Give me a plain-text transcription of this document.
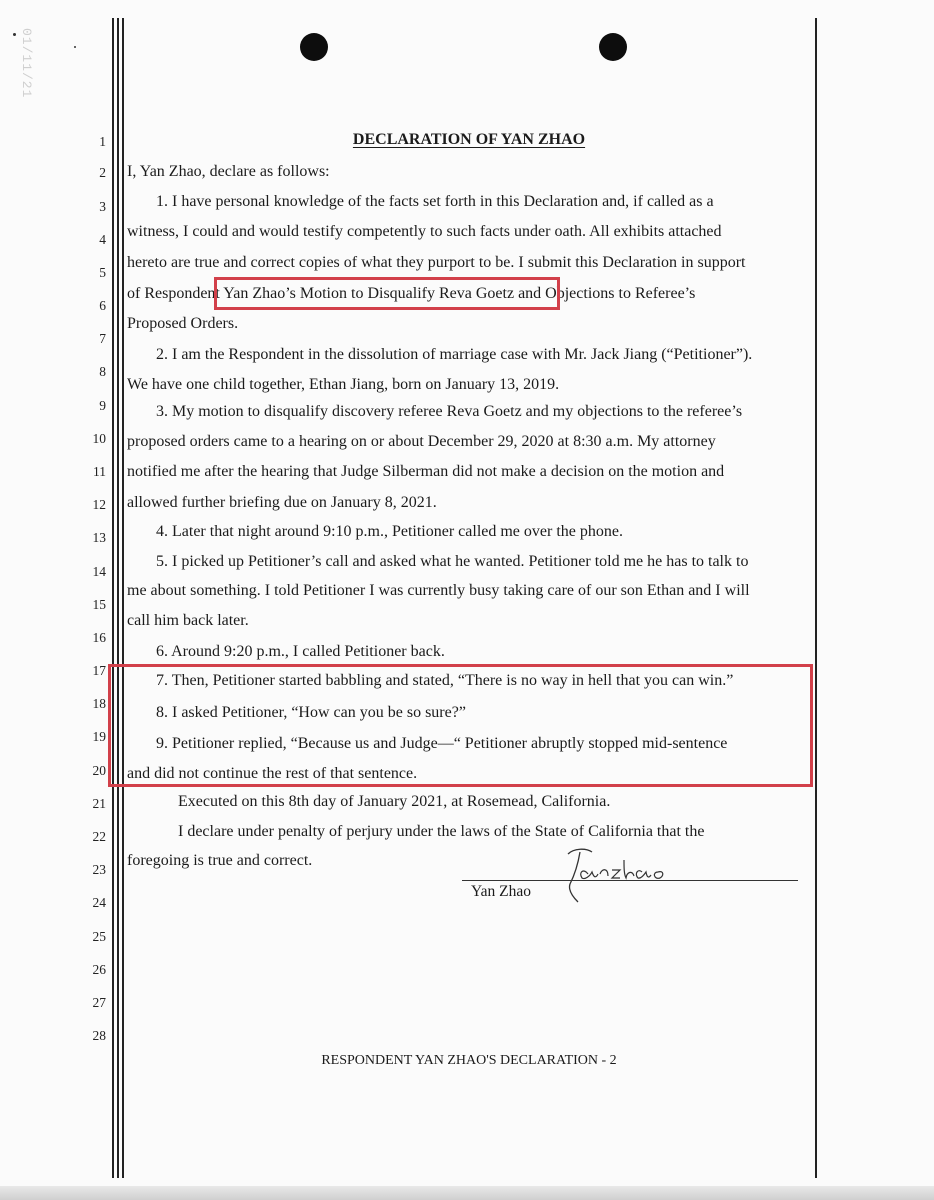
01/11/21
1
2
3
4
5
6
7
8
9
10
11
12
13
14
15
16
17
18
19
20
21
22
23
24
25
26
27
28
DECLARATION OF YAN ZHAO
I, Yan Zhao, declare as follows:
1. I have personal knowledge of the facts set forth in this Declaration and, if called as a
witness, I could and would testify competently to such facts under oath. All exhibits attached
hereto are true and correct copies of what they purport to be. I submit this Declaration in support
of Respondent Yan Zhao’s Motion to Disqualify Reva Goetz and Objections to Referee’s
Proposed Orders.
2. I am the Respondent in the dissolution of marriage case with Mr. Jack Jiang (“Petitioner”).
We have one child together, Ethan Jiang, born on January 13, 2019.
3. My motion to disqualify discovery referee Reva Goetz and my objections to the referee’s
proposed orders came to a hearing on or about December 29, 2020 at 8:30 a.m. My attorney
notified me after the hearing that Judge Silberman did not make a decision on the motion and
allowed further briefing due on January 8, 2021.
4. Later that night around 9:10 p.m., Petitioner called me over the phone.
5. I picked up Petitioner’s call and asked what he wanted. Petitioner told me he has to talk to
me about something. I told Petitioner I was currently busy taking care of our son Ethan and I will
call him back later.
6. Around 9:20 p.m., I called Petitioner back.
7. Then, Petitioner started babbling and stated, “There is no way in hell that you can win.”
8. I asked Petitioner, “How can you be so sure?”
9. Petitioner replied, “Because us and Judge—“ Petitioner abruptly stopped mid-sentence
and did not continue the rest of that sentence.
Executed on this 8th day of January 2021, at Rosemead, California.
I declare under penalty of perjury under the laws of the State of California that the
foregoing is true and correct.
Yan Zhao
RESPONDENT YAN ZHAO'S DECLARATION - 2
